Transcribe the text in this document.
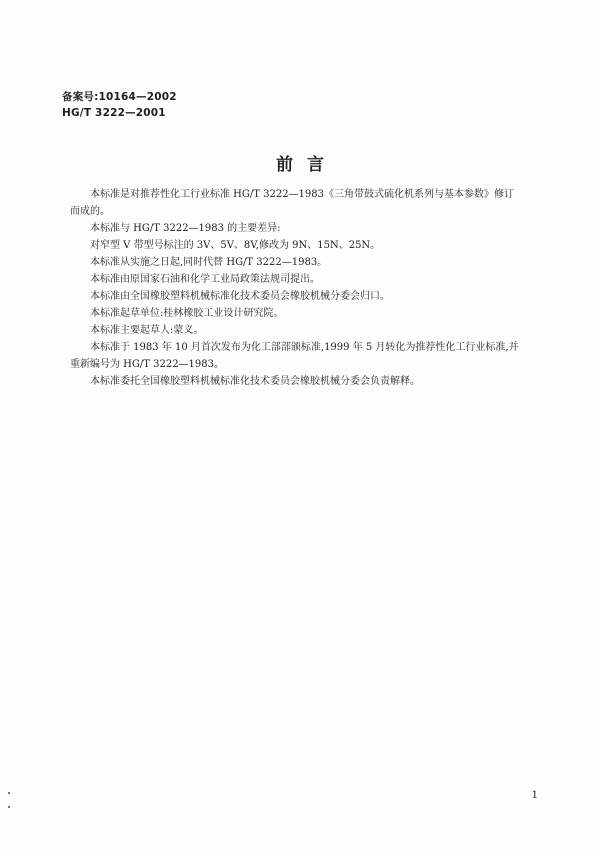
备案号:10164—2002
HG/T 3222—2001
前言

本标准是对推荐性化工行业标准 HG/T 3222—1983《三角带鼓式硫化机系列与基本参数》修订
而成的。

本标准与 HG/T 3222—1983 的主要差异:

对窄型 V 带型号标注的 3V、5V、8V,修改为 9N、15N、25N。

本标准从实施之日起,同时代替 HG/T 3222—1983。

本标准由原国家石油和化学工业局政策法规司提出。

本标准由全国橡胶塑料机械标准化技术委员会橡胶机械分委会归口。

本标准起草单位:桂林橡胶工业设计研究院。

本标准主要起草人:蒙义。

本标准于 1983 年 10 月首次发布为化工部部颁标准,1999 年 5 月转化为推荐性化工行业标准,并
重新编号为 HG/T 3222—1983。

本标准委托全国橡胶塑料机械标准化技术委员会橡胶机械分委会负责解释。

1
